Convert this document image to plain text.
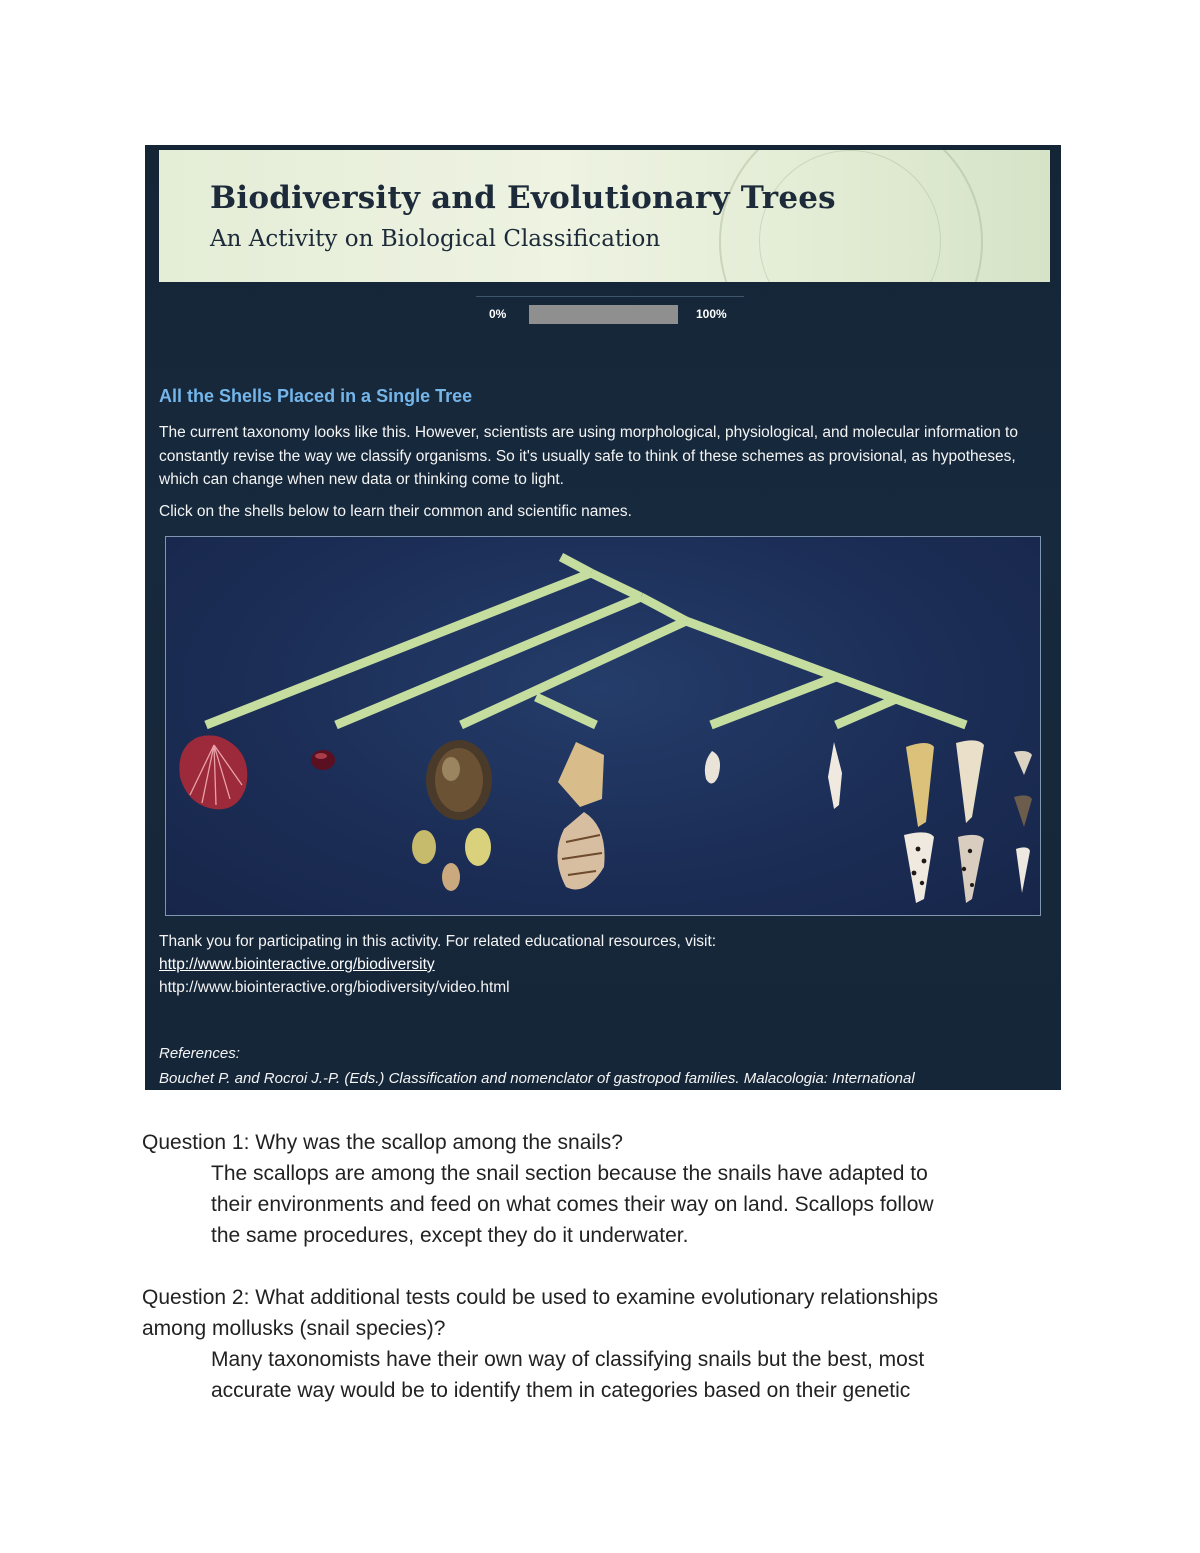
Biodiversity and Evolutionary Trees
An Activity on Biological Classification
0%	100%
All the Shells Placed in a Single Tree
The current taxonomy looks like this. However, scientists are using morphological, physiological, and molecular information to constantly revise the way we classify organisms. So it's usually safe to think of these schemes as provisional, as hypotheses, which can change when new data or thinking come to light.
Click on the shells below to learn their common and scientific names.
Thank you for participating in this activity. For related educational resources, visit:
http://www.biointeractive.org/biodiversity
http://www.biointeractive.org/biodiversity/video.html
References:
Bouchet P. and Rocroi J.-P. (Eds.) Classification and nomenclator of gastropod families. Malacologia: International
Question 1: Why was the scallop among the snails?
The scallops are among the snail section because the snails have adapted to
their environments and feed on what comes their way on land. Scallops follow
the same procedures, except they do it underwater.
Question 2: What additional tests could be used to examine evolutionary relationships
among mollusks (snail species)?
Many taxonomists have their own way of classifying snails but the best, most
accurate way would be to identify them in categories based on their genetic
